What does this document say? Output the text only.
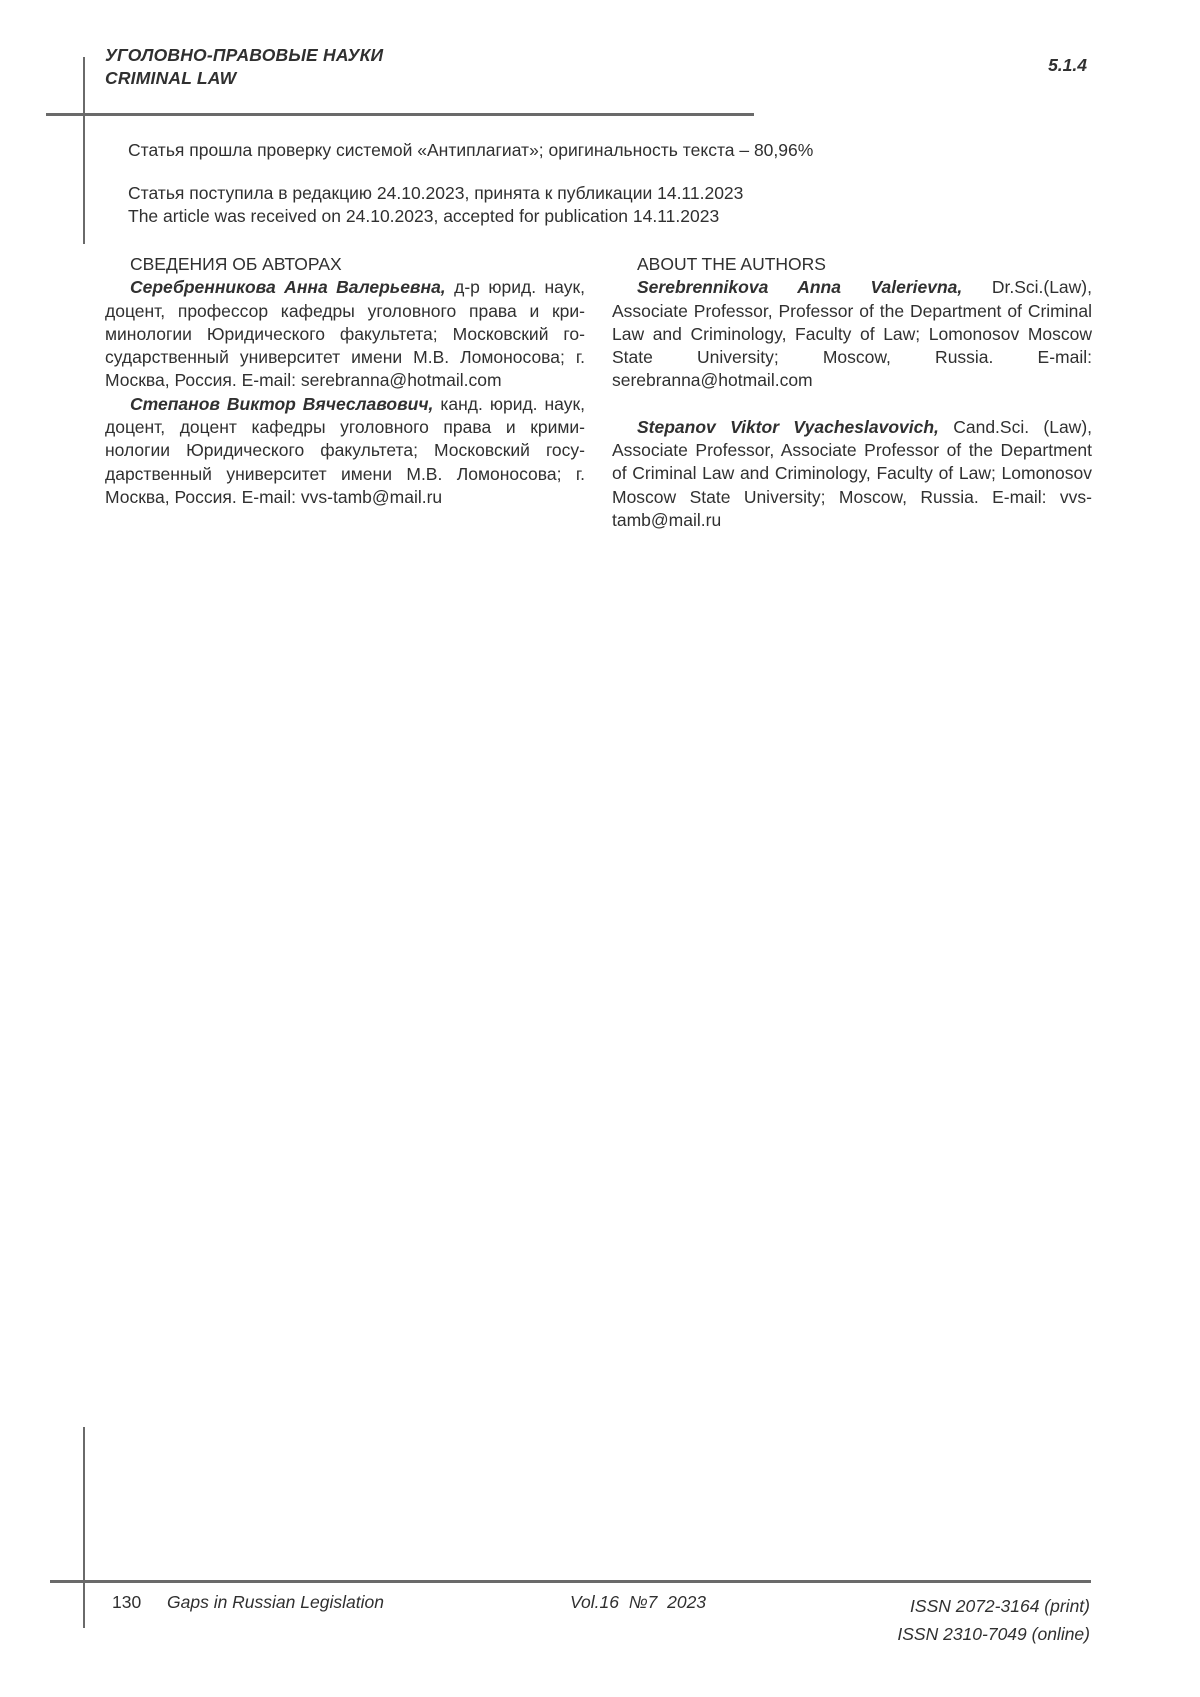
УГОЛОВНО-ПРАВОВЫЕ НАУКИ
CRIMINAL LAW
5.1.4

Статья прошла проверку системой «Антиплагиат»; оригинальность текста – 80,96%

Статья поступила в редакцию 24.10.2023, принята к публикации 14.11.2023

The article was received on 24.10.2023, accepted for publication 14.11.2023

СВЕДЕНИЯ ОБ АВТОРАХ

Серебренникова Анна Валерьевна, д-р юрид. наук, доцент, профессор кафедры уголовного права и криминологии Юридического факультета; Московский государственный университет имени М.В. Ломоносова; г. Москва, Россия. E-mail: serebranna@hotmail.com

Степанов Виктор Вячеславович, канд. юрид. наук, доцент, доцент кафедры уголовного права и криминологии Юридического факультета; Московский государственный университет имени М.В. Ломоносова; г. Москва, Россия. E-mail: vvs-tamb@mail.ru

ABOUT THE AUTHORS

Serebrennikova Anna Valerievna, Dr.Sci.(Law), Associate Professor, Professor of the Department of Criminal Law and Criminology, Faculty of Law; Lomonosov Moscow State University; Moscow, Russia. E-mail: serebranna@hotmail.com

Stepanov Viktor Vyacheslavovich, Cand.Sci. (Law), Associate Professor, Associate Professor of the Department of Criminal Law and Criminology, Faculty of Law; Lomonosov Moscow State University; Moscow, Russia. E-mail: vvs-tamb@mail.ru

130 Gaps in Russian Legislation	Vol.16  №7  2023	ISSN 2072-3164 (print)
ISSN 2310-7049 (online)
